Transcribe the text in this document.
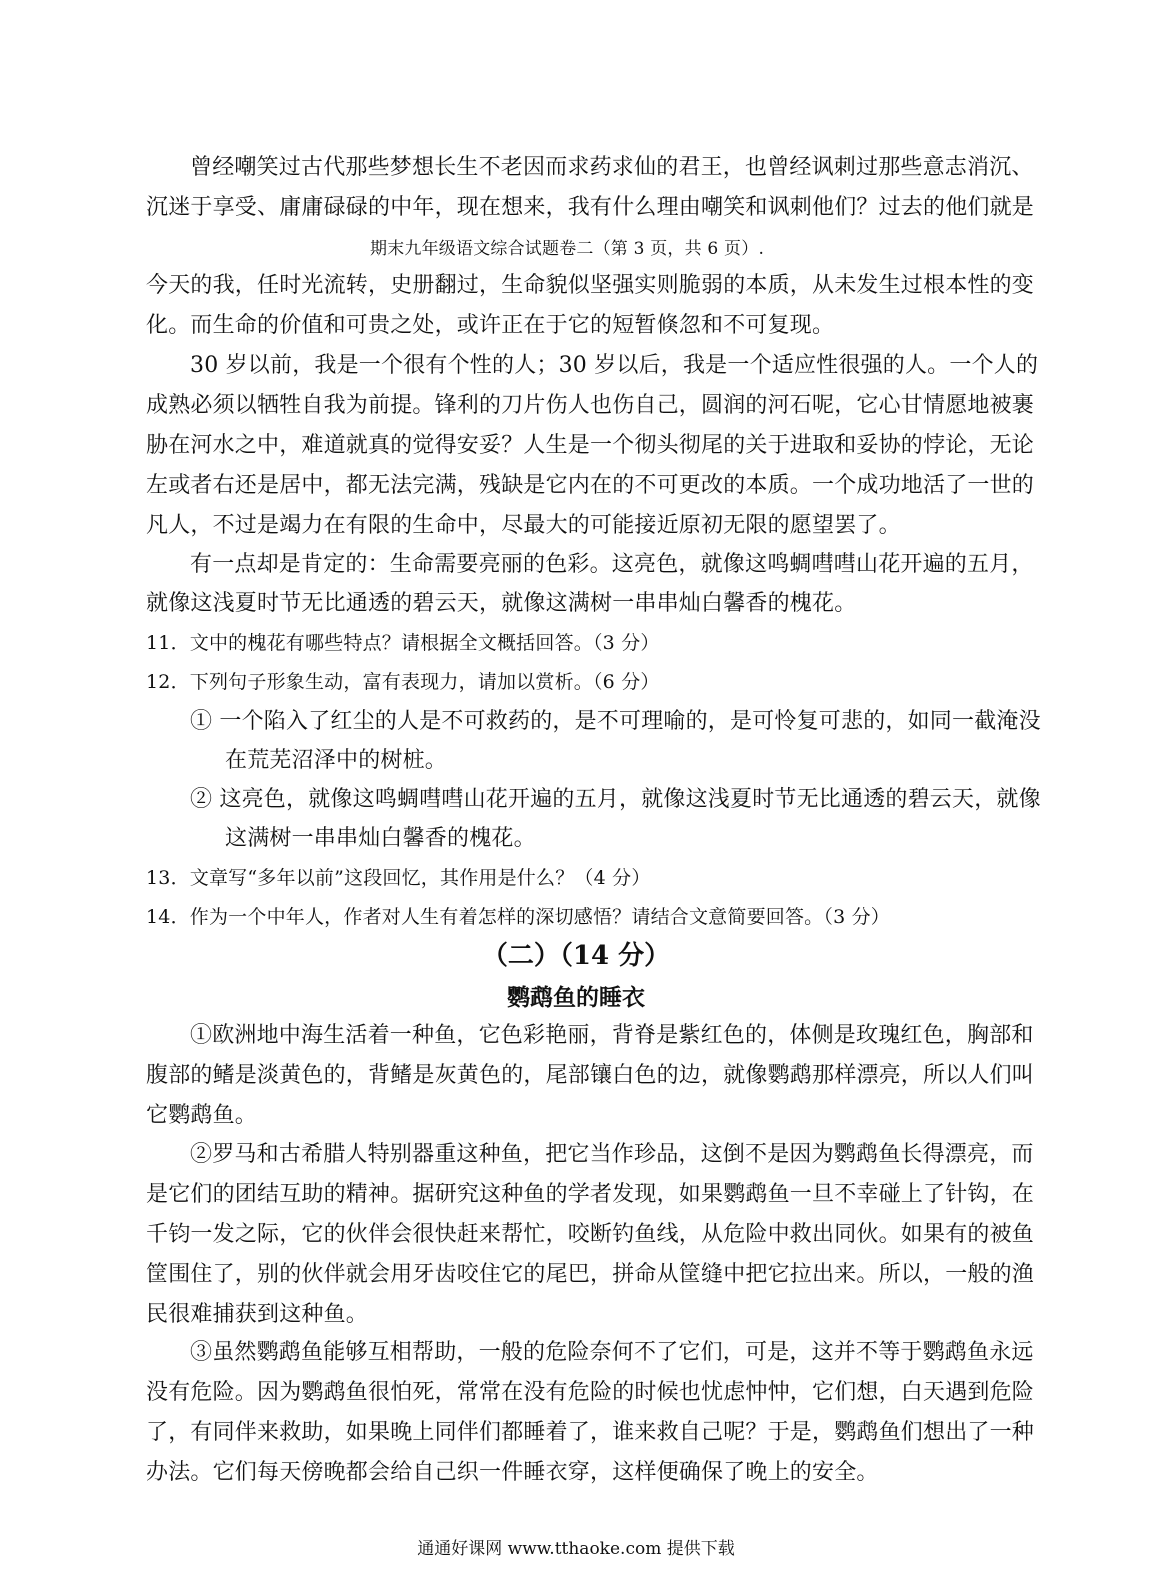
曾经嘲笑过古代那些梦想长生不老因而求药求仙的君王，也曾经讽刺过那些意志消沉、
沉迷于享受、庸庸碌碌的中年，现在想来，我有什么理由嘲笑和讽刺他们？过去的他们就是
期末九年级语文综合试题卷二（第 3 页，共 6 页）.
今天的我，任时光流转，史册翻过，生命貌似坚强实则脆弱的本质，从未发生过根本性的变
化。而生命的价值和可贵之处，或许正在于它的短暂倏忽和不可复现。
30 岁以前，我是一个很有个性的人；30 岁以后，我是一个适应性很强的人。一个人的
成熟必须以牺牲自我为前提。锋利的刀片伤人也伤自己，圆润的河石呢，它心甘情愿地被裹
胁在河水之中，难道就真的觉得安妥？人生是一个彻头彻尾的关于进取和妥协的悖论，无论
左或者右还是居中，都无法完满，残缺是它内在的不可更改的本质。一个成功地活了一世的
凡人，不过是竭力在有限的生命中，尽最大的可能接近原初无限的愿望罢了。
有一点却是肯定的：生命需要亮丽的色彩。这亮色，就像这鸣蜩嘒嘒山花开遍的五月，
就像这浅夏时节无比通透的碧云天，就像这满树一串串灿白馨香的槐花。
11．文中的槐花有哪些特点？请根据全文概括回答。（3 分）
12．下列句子形象生动，富有表现力，请加以赏析。（6 分）
① 一个陷入了红尘的人是不可救药的，是不可理喻的，是可怜复可悲的，如同一截淹没
在荒芜沼泽中的树桩。
② 这亮色，就像这鸣蜩嘒嘒山花开遍的五月，就像这浅夏时节无比通透的碧云天，就像
这满树一串串灿白馨香的槐花。
13．文章写“多年以前”这段回忆，其作用是什么？（4 分）
14．作为一个中年人，作者对人生有着怎样的深切感悟？请结合文意简要回答。（3 分）
（二）（14 分）
鹦鹉鱼的睡衣
①欧洲地中海生活着一种鱼，它色彩艳丽，背脊是紫红色的，体侧是玫瑰红色，胸部和
腹部的鳍是淡黄色的，背鳍是灰黄色的，尾部镶白色的边，就像鹦鹉那样漂亮，所以人们叫
它鹦鹉鱼。
②罗马和古希腊人特别器重这种鱼，把它当作珍品，这倒不是因为鹦鹉鱼长得漂亮，而
是它们的团结互助的精神。据研究这种鱼的学者发现，如果鹦鹉鱼一旦不幸碰上了针钩，在
千钧一发之际，它的伙伴会很快赶来帮忙，咬断钓鱼线，从危险中救出同伙。如果有的被鱼
筐围住了，别的伙伴就会用牙齿咬住它的尾巴，拼命从筐缝中把它拉出来。所以，一般的渔
民很难捕获到这种鱼。
③虽然鹦鹉鱼能够互相帮助，一般的危险奈何不了它们，可是，这并不等于鹦鹉鱼永远
没有危险。因为鹦鹉鱼很怕死，常常在没有危险的时候也忧虑忡忡，它们想，白天遇到危险
了，有同伴来救助，如果晚上同伴们都睡着了，谁来救自己呢？于是，鹦鹉鱼们想出了一种
办法。它们每天傍晚都会给自己织一件睡衣穿，这样便确保了晚上的安全。
通通好课网 www.tthaoke.com 提供下载
